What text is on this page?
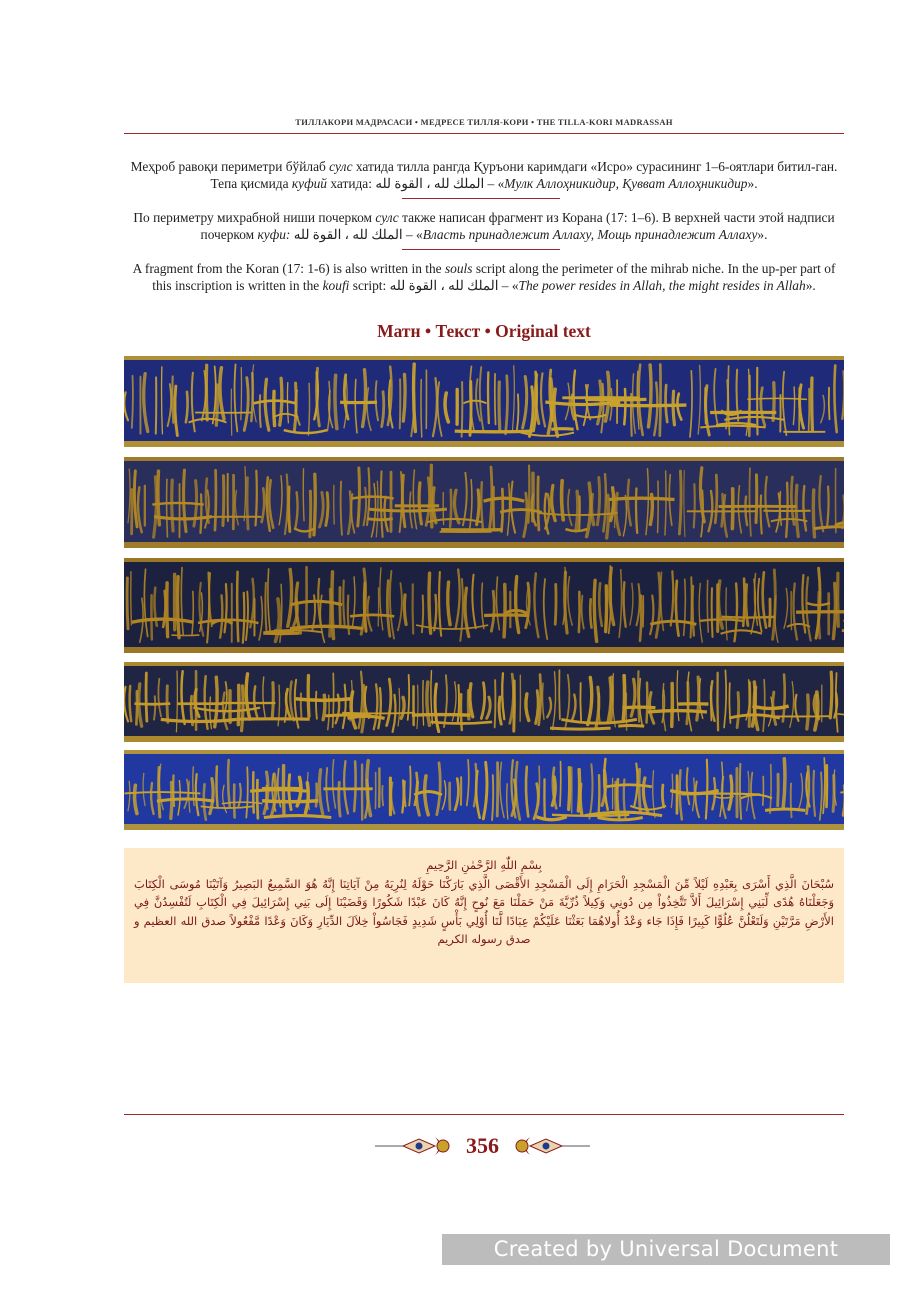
ТИЛЛАКОРИ МАДРАСАСИ • МЕДРЕСЕ ТИЛЛЯ-КОРИ • THE TILLA-KORI MADRASSAH
Меҳроб равоқи периметри бўйлаб сулс хатида тилла рангда Қуръони каримдаги «Исро» сурасининг 1–6-оятлари битил-ган. Тепа қисмида куфий хатида: الملك لله ، القوة لله – «Мулк Аллоҳникидир, Қувват Аллоҳникидир».
По периметру михрабной ниши почерком сулс также написан фрагмент из Корана (17: 1–6). В верхней части этой надписи почерком куфи: الملك لله ، القوة لله – «Власть принадлежит Аллаху, Мощь принадлежит Аллаху».
A fragment from the Koran (17: 1-6) is also written in the souls script along the perimeter of the mihrab niche. In the up-per part of this inscription is written in the koufi script: الملك لله ، القوة لله – «The power resides in Allah, the might resides in Allah».
Матн • Текст • Original text
بِسْمِ اللّٰهِ الرَّحْمٰنِ الرَّحِيمِ
سُبْحَانَ الَّذِي أَسْرَى بِعَبْدِهِ لَيْلاً مِّنَ الْمَسْجِدِ الْحَرَامِ إِلَى الْمَسْجِدِ الأَقْصَى الَّذِي بَارَكْنَا حَوْلَهُ لِنُرِيَهُ مِنْ آيَاتِنَا إِنَّهُ هُوَ السَّمِيعُ البَصِيرُ وَآتَيْنَا مُوسَى الْكِتَابَ وَجَعَلْنَاهُ هُدًى لِّبَنِي إِسْرَائِيلَ أَلاَّ تَتَّخِذُواْ مِن دُونِي وَكِيلاً ذُرِّيَّةَ مَنْ حَمَلْنَا مَعَ نُوحٍ إِنَّهُ كَانَ عَبْدًا شَكُورًا وَقَضَيْنَا إِلَى بَنِي إِسْرَائِيلَ فِي الْكِتَابِ لَتُفْسِدُنَّ فِي الأَرْضِ مَرَّتَيْنِ وَلَتَعْلُنَّ عُلُوًّا كَبِيرًا فَإِذَا جَاء وَعْدُ أُولاهُمَا بَعَثْنَا عَلَيْكُمْ عِبَادًا لَّنَا أُوْلِي بَأْسٍ شَدِيدٍ فَجَاسُواْ خِلاَلَ الدِّيَارِ وَكَانَ وَعْدًا مَّفْعُولاً صدق الله العظيم و صدق رسوله الكريم
356
Created by Universal Document Converter
